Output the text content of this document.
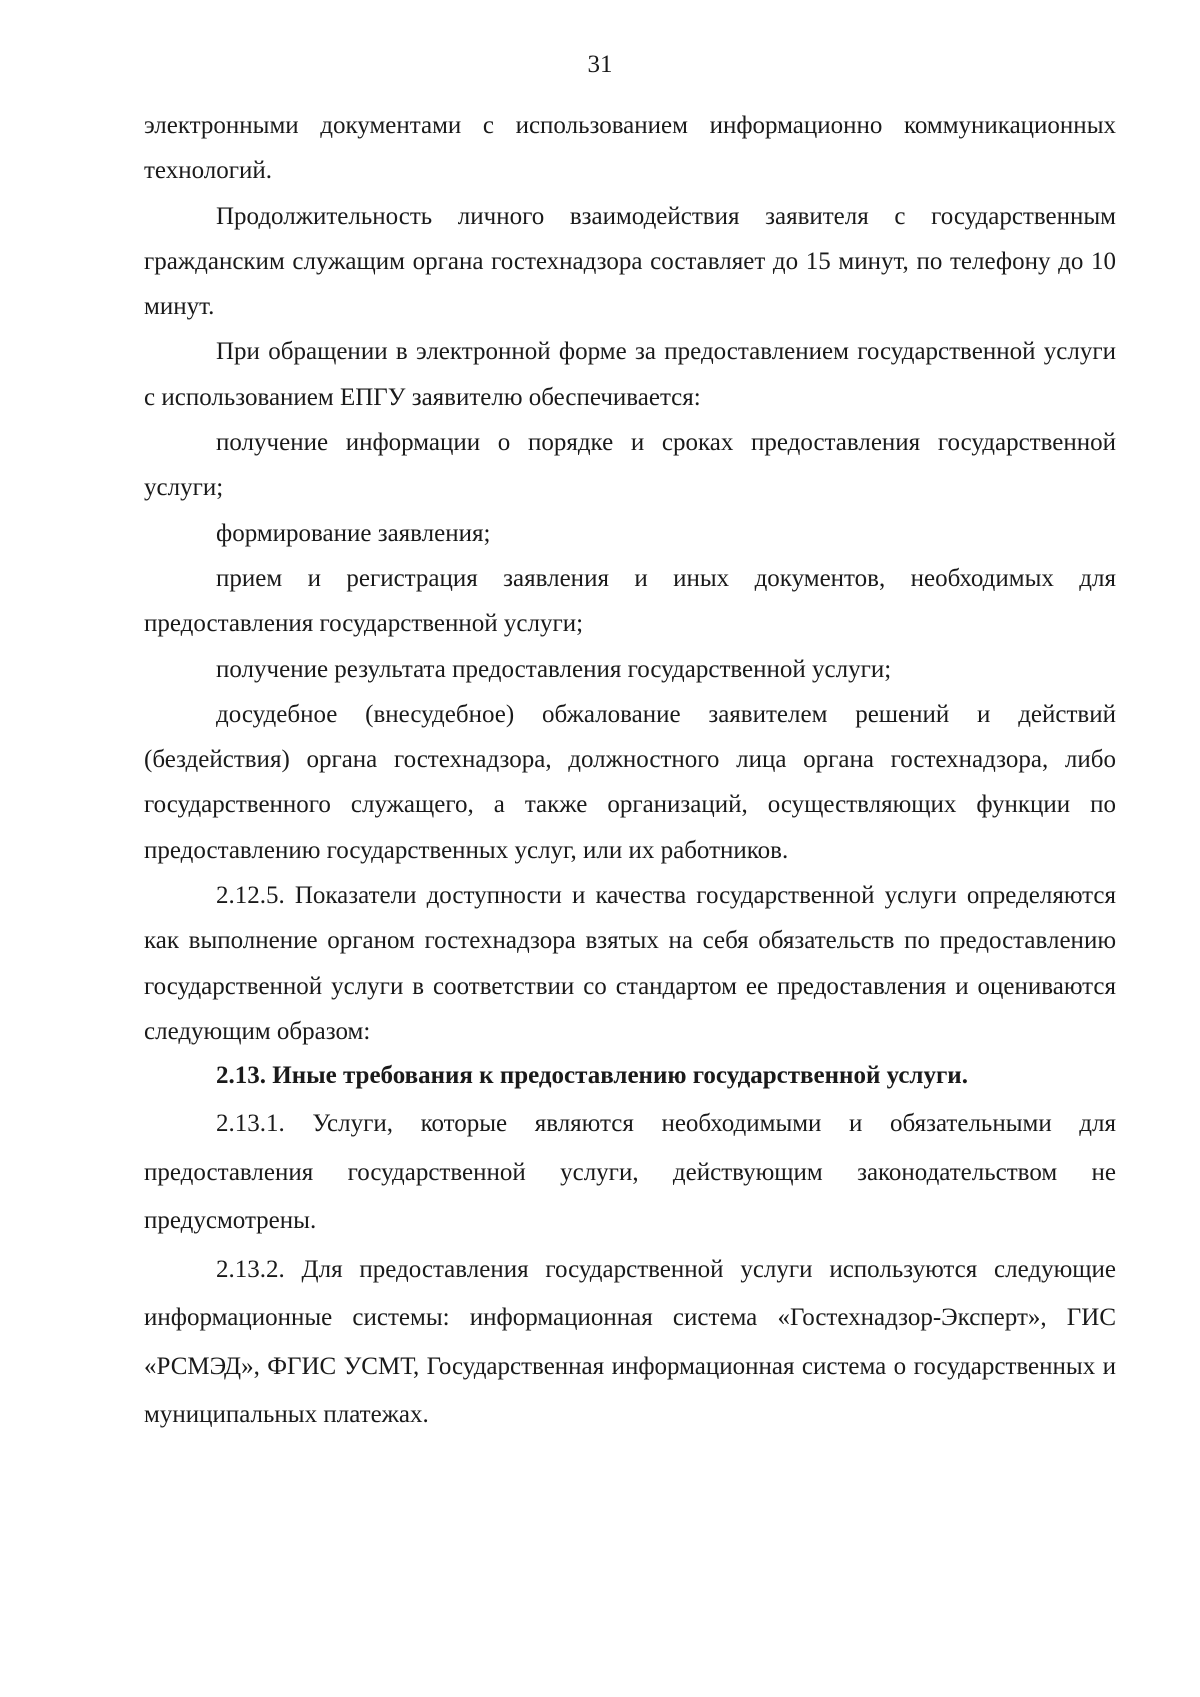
31

электронными документами с использованием информационно коммуникационных технологий.

Продолжительность личного взаимодействия заявителя с государственным гражданским служащим органа гостехнадзора составляет до 15 минут, по телефону до 10 минут.

При обращении в электронной форме за предоставлением государственной услуги с использованием ЕПГУ заявителю обеспечивается:

получение информации о порядке и сроках предоставления государственной услуги;

формирование заявления;

прием и регистрация заявления и иных документов, необходимых для предоставления государственной услуги;

получение результата предоставления государственной услуги;

досудебное (внесудебное) обжалование заявителем решений и действий (бездействия) органа гостехнадзора, должностного лица органа гостехнадзора, либо государственного служащего, а также организаций, осуществляющих функции по предоставлению государственных услуг, или их работников.

2.12.5. Показатели доступности и качества государственной услуги определяются как выполнение органом гостехнадзора взятых на себя обязательств по предоставлению государственной услуги в соответствии со стандартом ее предоставления и оцениваются следующим образом:

2.13. Иные требования к предоставлению государственной услуги.

2.13.1. Услуги, которые являются необходимыми и обязательными для предоставления государственной услуги, действующим законодательством не предусмотрены.

2.13.2. Для предоставления государственной услуги используются следующие информационные системы: информационная система «Гостехнадзор-Эксперт», ГИС «РСМЭД», ФГИС УСМТ, Государственная информационная система о государственных и муниципальных платежах.
